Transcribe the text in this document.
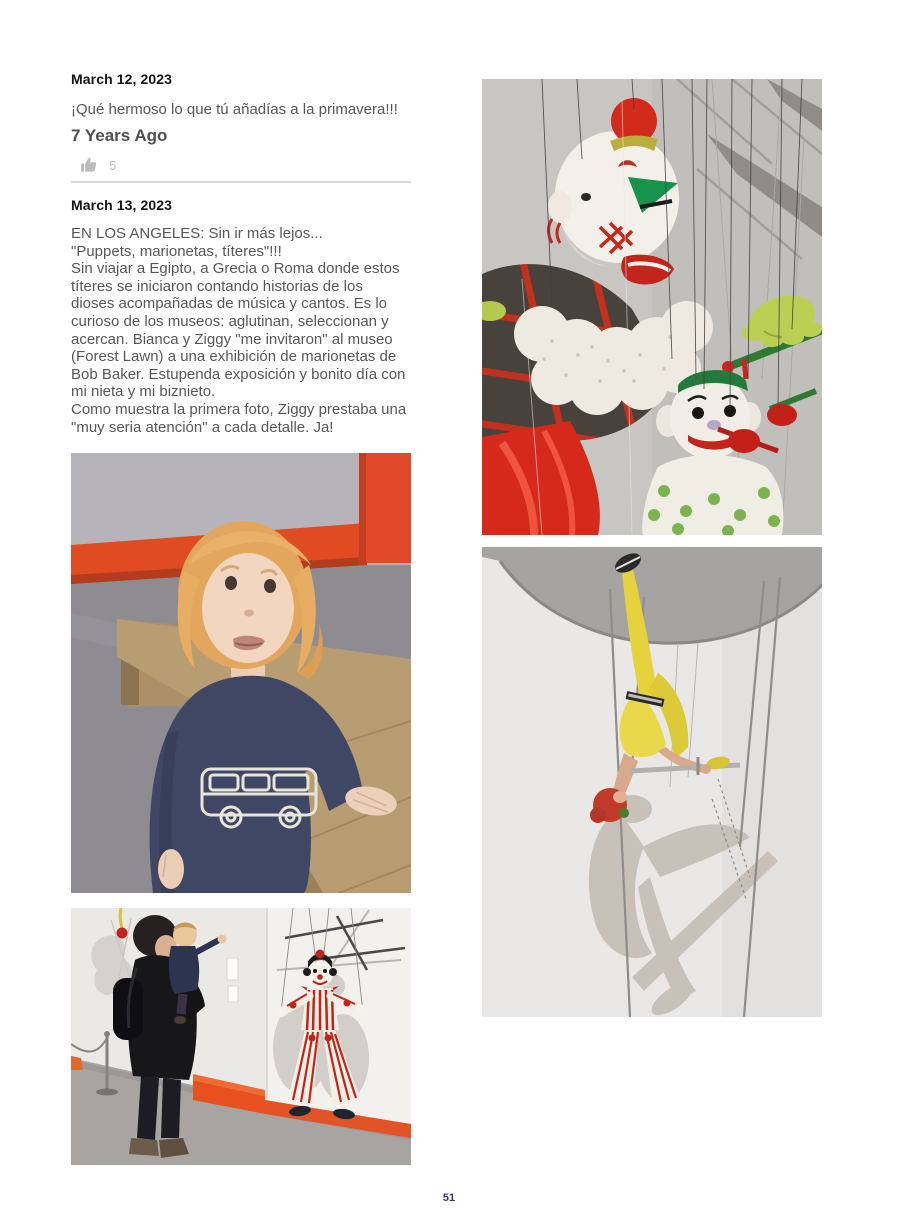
March 12, 2023

¡Qué hermoso lo que tú añadías a la primavera!!!

7 Years Ago
5
March 13, 2023
EN LOS ANGELES: Sin ir más lejos...
"Puppets, marionetas, títeres"!!!
Sin viajar a Egipto, a Grecia o Roma donde estos
títeres se iniciaron contando historias de los
dioses acompañadas de música y cantos. Es lo
curioso de los museos: aglutinan, seleccionan y
acercan. Bianca y Ziggy "me invitaron" al museo
(Forest Lawn) a una exhibición de marionetas de
Bob Baker. Estupenda exposición y bonito día con
mi nieta y mi biznieto.
Como muestra la primera foto, Ziggy prestaba una
"muy seria atención" a cada detalle. Ja!
51
